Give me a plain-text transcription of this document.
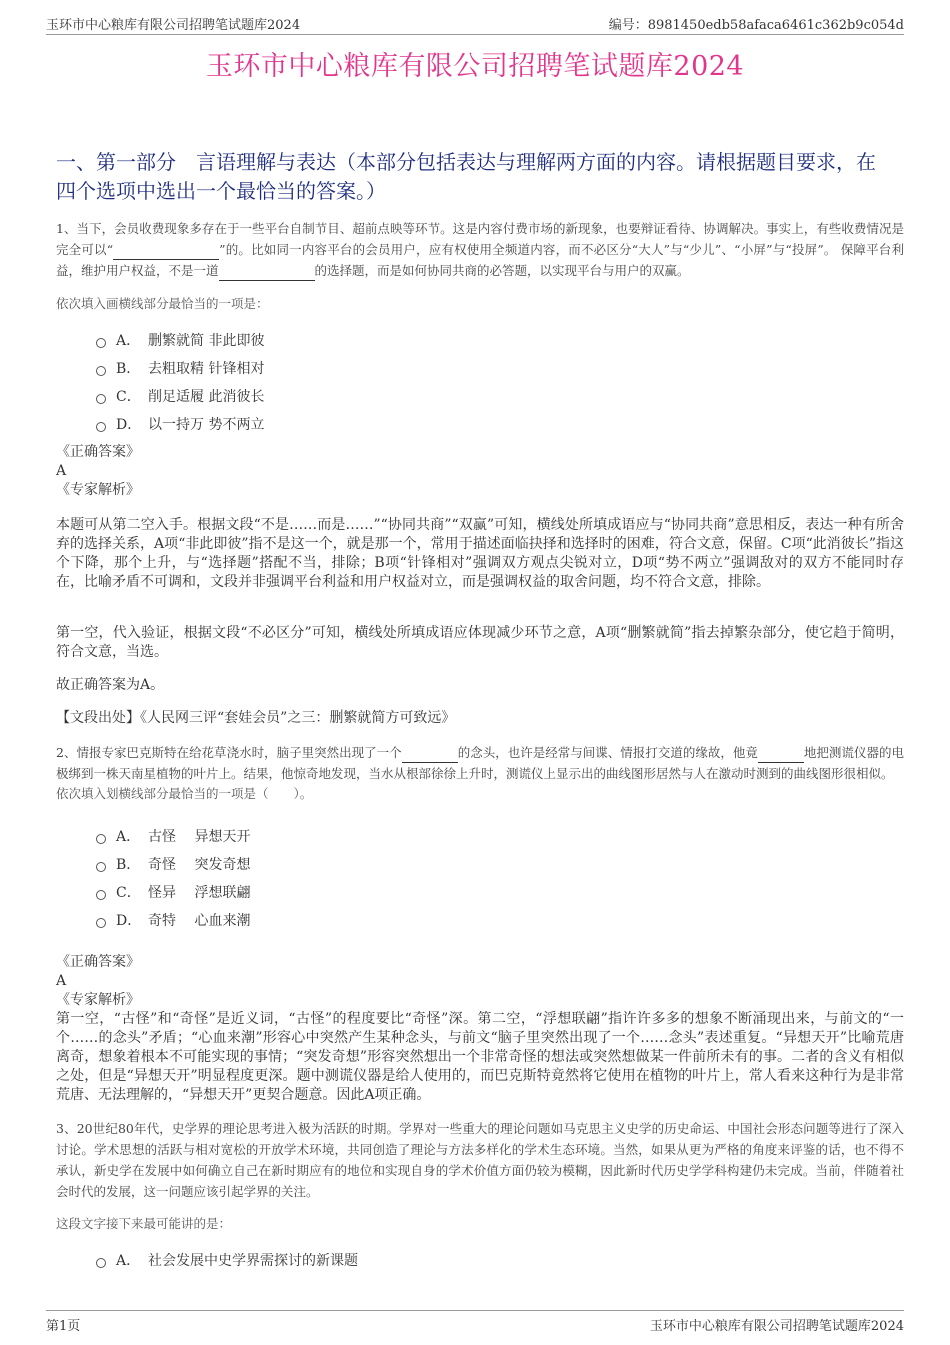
玉环市中心粮库有限公司招聘笔试题库2024	编号：8981450edb58afaca6461c362b9c054d
玉环市中心粮库有限公司招聘笔试题库2024
一、第一部分　言语理解与表达（本部分包括表达与理解两方面的内容。请根据题目要求，在四个选项中选出一个最恰当的答案。）

1、当下，会员收费现象多存在于一些平台自制节目、超前点映等环节。这是内容付费市场的新现象，也要辩证看待、协调解决。事实上，有些收费情况是完全可以“	”的。比如同一内容平台的会员用户，应有权使用全频道内容，而不必区分“大人”与“少儿”、“小屏”与“投屏”。 保障平台利益，维护用户权益，不是一道	的选择题，而是如何协同共商的必答题，以实现平台与用户的双赢。

依次填入画横线部分最恰当的一项是：

A． 删繁就简 非此即彼
B． 去粗取精 针锋相对
C． 削足适履 此消彼长
D． 以一持万 势不两立

《正确答案》

A

《专家解析》

本题可从第二空入手。根据文段“不是……而是……”“协同共商”“双赢”可知，横线处所填成语应与“协同共商”意思相反，表达一种有所舍弃的选择关系，A项“非此即彼”指不是这一个，就是那一个，常用于描述面临抉择和选择时的困难，符合文意，保留。C项“此消彼长”指这个下降，那个上升，与“选择题”搭配不当，排除；B项“针锋相对”强调双方观点尖锐对立，D项“势不两立”强调敌对的双方不能同时存在，比喻矛盾不可调和，文段并非强调平台利益和用户权益对立，而是强调权益的取舍问题，均不符合文意，排除。

第一空，代入验证，根据文段“不必区分”可知，横线处所填成语应体现减少环节之意，A项“删繁就简”指去掉繁杂部分，使它趋于简明，符合文意，当选。

故正确答案为A。

【文段出处】《人民网三评“套娃会员”之三：删繁就简方可致远》

2、情报专家巴克斯特在给花草浇水时，脑子里突然出现了一个	的念头，也许是经常与间谍、情报打交道的缘故，他竟	地把测谎仪器的电极绑到一株天南星植物的叶片上。结果，他惊奇地发现，当水从根部徐徐上升时，测谎仪上显示出的曲线图形居然与人在激动时测到的曲线图形很相似。

依次填入划横线部分最恰当的一项是（　　）。

A． 古怪　 异想天开
B． 奇怪　 突发奇想
C． 怪异　 浮想联翩
D． 奇特　 心血来潮

《正确答案》

A

《专家解析》

第一空，“古怪”和“奇怪”是近义词，“古怪”的程度要比“奇怪”深。第二空，“浮想联翩”指许许多多的想象不断涌现出来，与前文的“一个……的念头”矛盾；“心血来潮”形容心中突然产生某种念头，与前文“脑子里突然出现了一个……念头”表述重复。“异想天开”比喻荒唐离奇，想象着根本不可能实现的事情；“突发奇想”形容突然想出一个非常奇怪的想法或突然想做某一件前所未有的事。二者的含义有相似之处，但是“异想天开”明显程度更深。题中测谎仪器是给人使用的，而巴克斯特竟然将它使用在植物的叶片上，常人看来这种行为是非常荒唐、无法理解的，“异想天开”更契合题意。因此A项正确。

3、20世纪80年代，史学界的理论思考进入极为活跃的时期。学界对一些重大的理论问题如马克思主义史学的历史命运、中国社会形态问题等进行了深入讨论。学术思想的活跃与相对宽松的开放学术环境，共同创造了理论与方法多样化的学术生态环境。当然，如果从更为严格的角度来评鉴的话，也不得不承认，新史学在发展中如何确立自己在新时期应有的地位和实现自身的学术价值方面仍较为模糊，因此新时代历史学学科构建仍未完成。当前，伴随着社会时代的发展，这一问题应该引起学界的关注。

这段文字接下来最可能讲的是：

A． 社会发展中史学界需探讨的新课题
第1页	玉环市中心粮库有限公司招聘笔试题库2024
